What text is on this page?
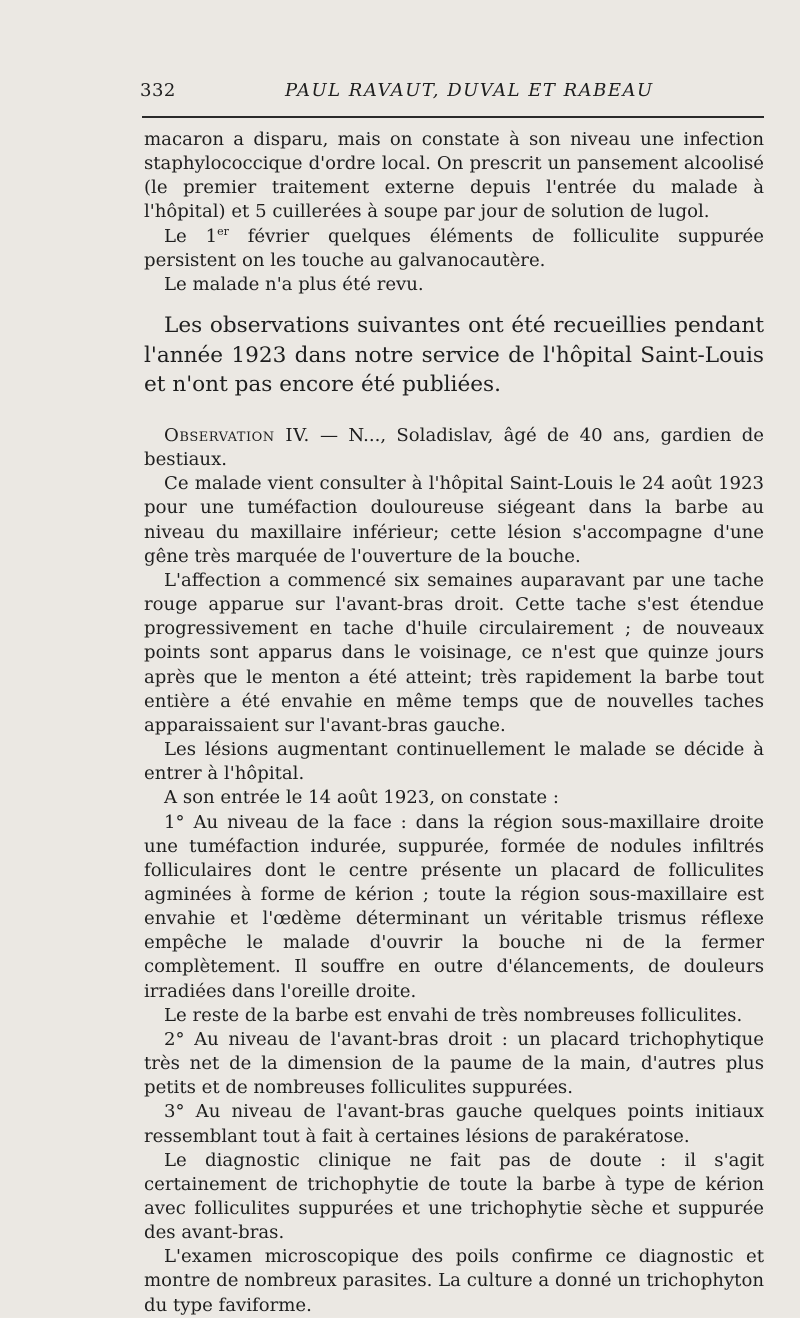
332	PAUL RAVAUT, DUVAL ET RABEAU

macaron a disparu, mais on constate à son niveau une infection staphylococcique d'ordre local. On prescrit un pansement alcoolisé (le premier traitement externe depuis l'entrée du malade à l'hôpital) et 5 cuillerées à soupe par jour de solution de lugol.

Le 1er février quelques éléments de folliculite suppurée persistent on les touche au galvanocautère.

Le malade n'a plus été revu.

Les observations suivantes ont été recueillies pendant l'année 1923 dans notre service de l'hôpital Saint-Louis et n'ont pas encore été publiées.

Observation IV. — N..., Soladislav, âgé de 40 ans, gardien de bestiaux.

Ce malade vient consulter à l'hôpital Saint-Louis le 24 août 1923 pour une tuméfaction douloureuse siégeant dans la barbe au niveau du maxillaire inférieur; cette lésion s'accompagne d'une gêne très marquée de l'ouverture de la bouche.

L'affection a commencé six semaines auparavant par une tache rouge apparue sur l'avant-bras droit. Cette tache s'est étendue progressivement en tache d'huile circulairement ; de nouveaux points sont apparus dans le voisinage, ce n'est que quinze jours après que le menton a été atteint; très rapidement la barbe tout entière a été envahie en même temps que de nouvelles taches apparaissaient sur l'avant-bras gauche.

Les lésions augmentant continuellement le malade se décide à entrer à l'hôpital.

A son entrée le 14 août 1923, on constate :

1° Au niveau de la face : dans la région sous-maxillaire droite une tuméfaction indurée, suppurée, formée de nodules infiltrés folliculaires dont le centre présente un placard de folliculites agminées à forme de kérion ; toute la région sous-maxillaire est envahie et l'œdème déterminant un véritable trismus réflexe empêche le malade d'ouvrir la bouche ni de la fermer complètement. Il souffre en outre d'élancements, de douleurs irradiées dans l'oreille droite.

Le reste de la barbe est envahi de très nombreuses folliculites.

2° Au niveau de l'avant-bras droit : un placard trichophytique très net de la dimension de la paume de la main, d'autres plus petits et de nombreuses folliculites suppurées.

3° Au niveau de l'avant-bras gauche quelques points initiaux ressemblant tout à fait à certaines lésions de parakératose.

Le diagnostic clinique ne fait pas de doute : il s'agit certainement de trichophytie de toute la barbe à type de kérion avec folliculites suppurées et une trichophytie sèche et suppurée des avant-bras.

L'examen microscopique des poils confirme ce diagnostic et montre de nombreux parasites. La culture a donné un trichophyton du type faviforme.
